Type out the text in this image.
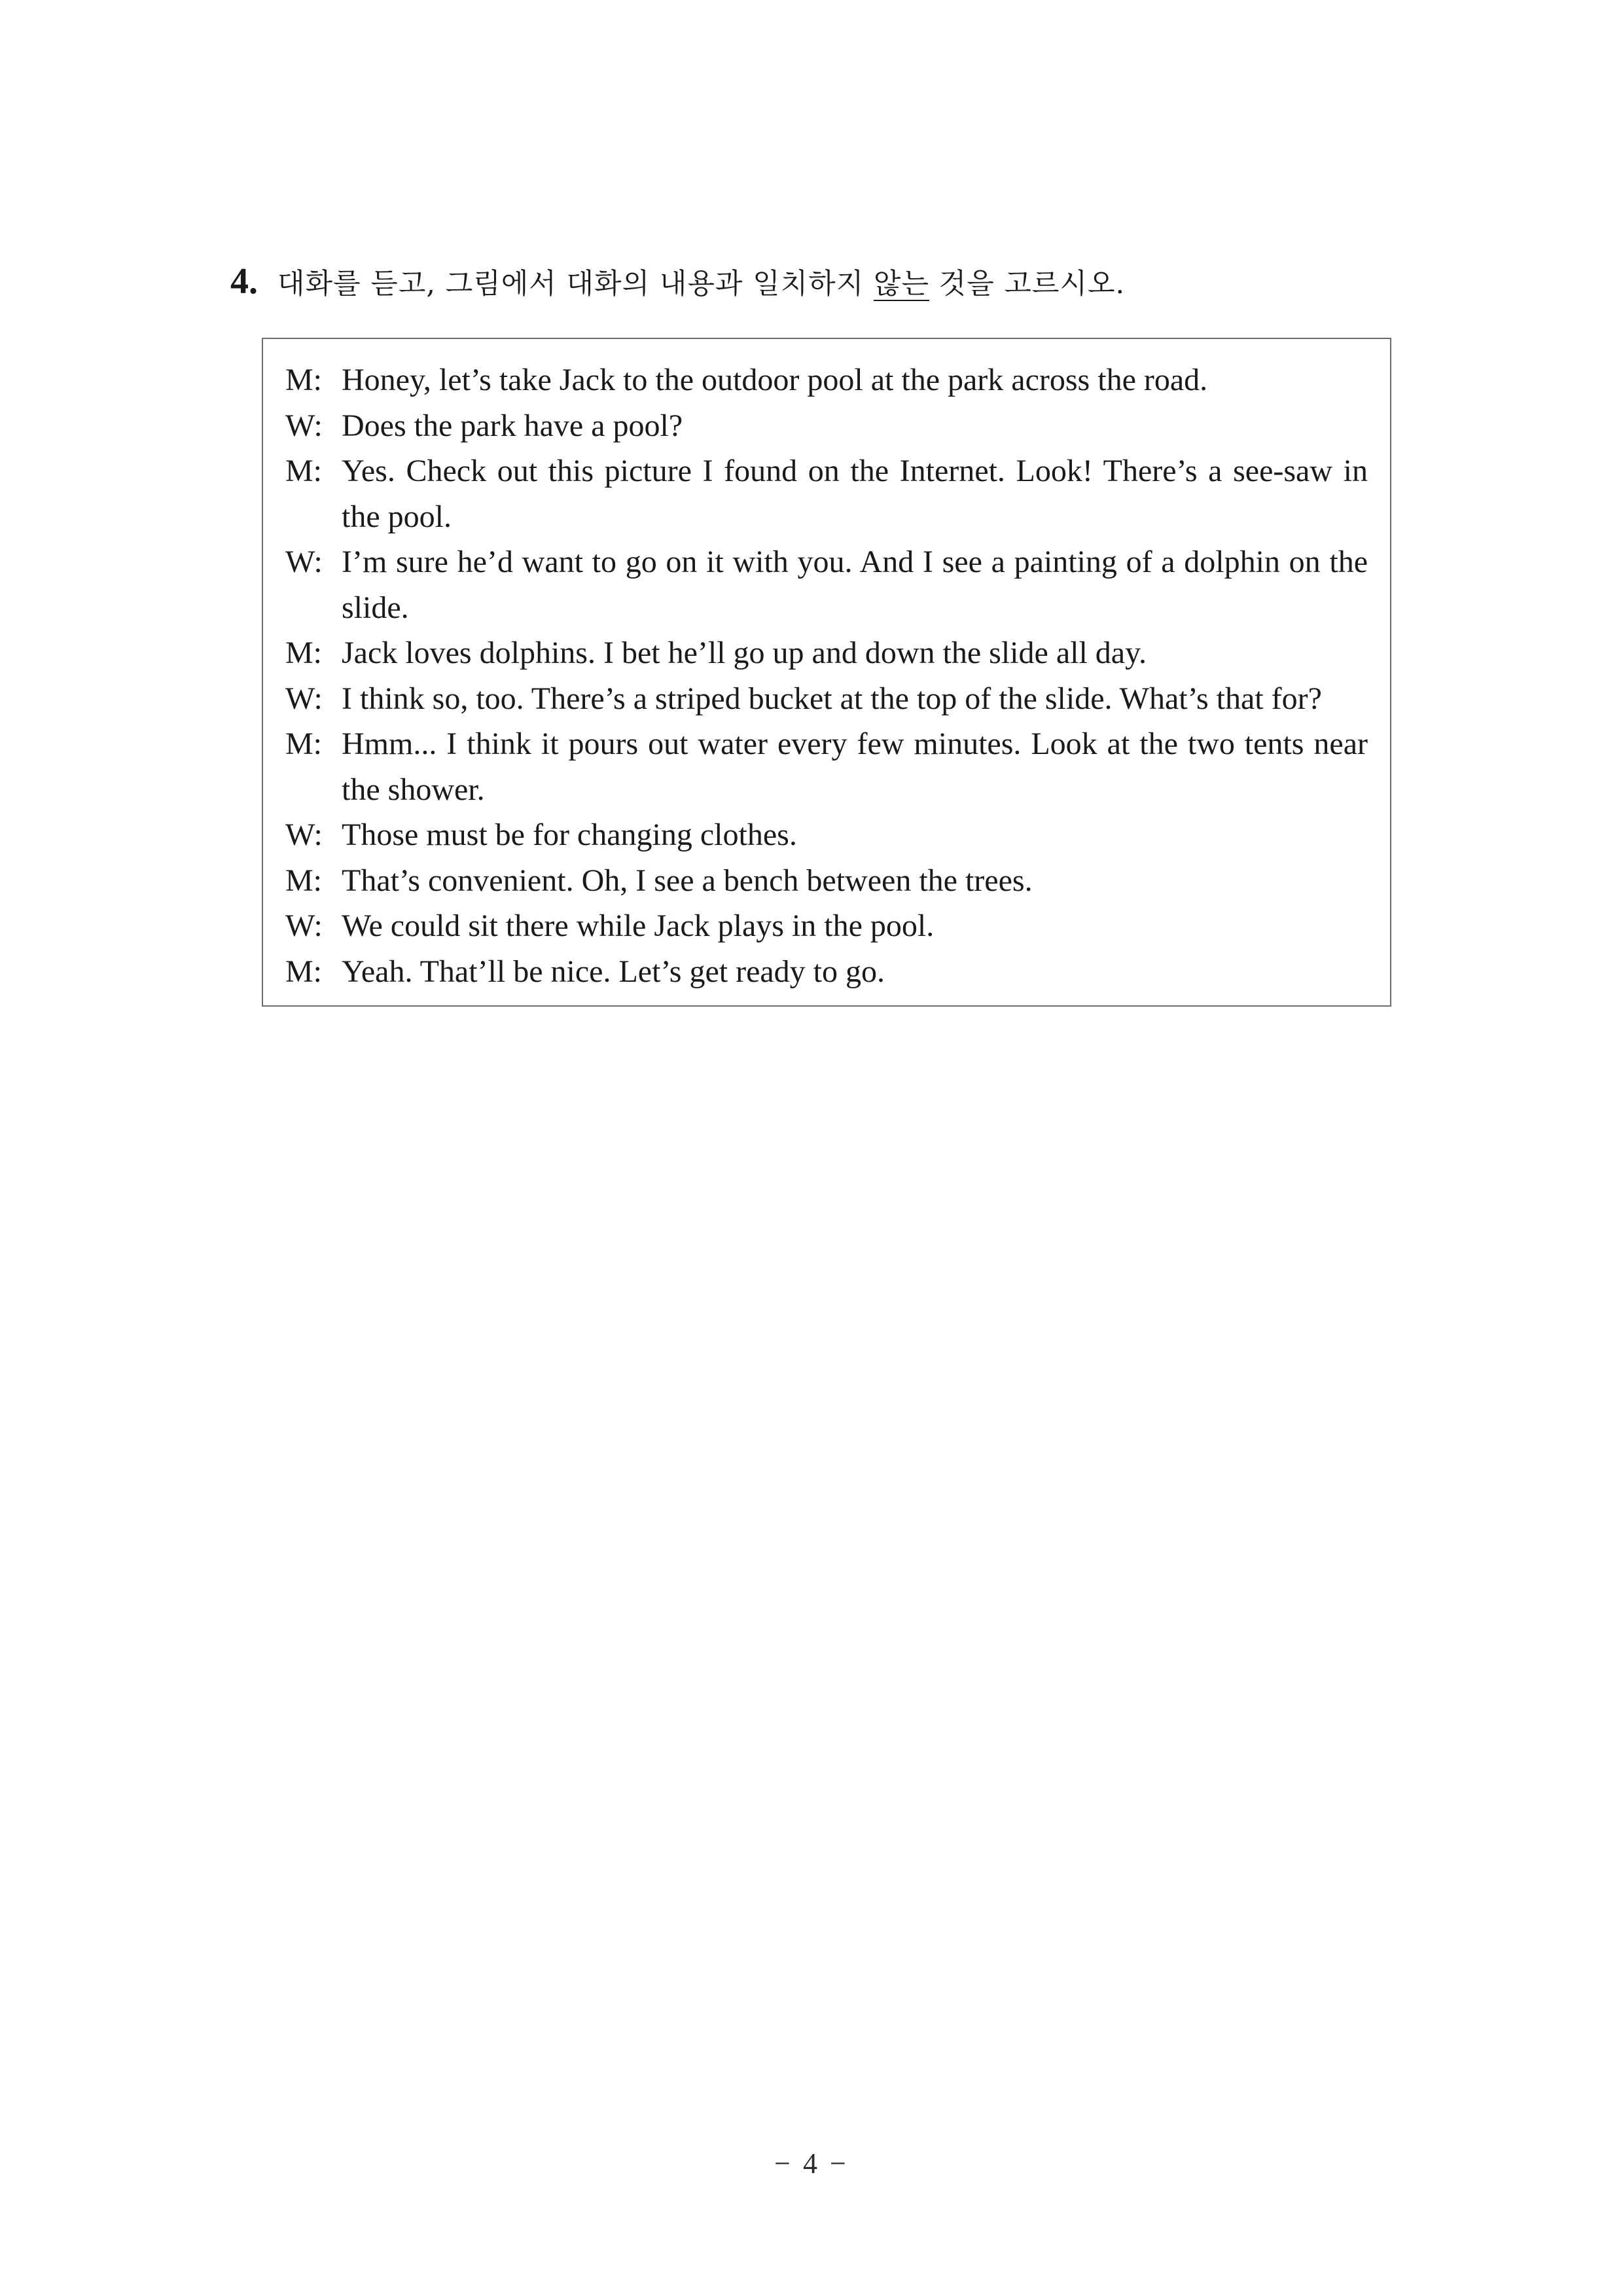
4. 대화를 듣고, 그림에서 대화의 내용과 일치하지 않는 것을 고르시오.
M: Honey, let’s take Jack to the outdoor pool at the park across the road.
W: Does the park have a pool?
M: Yes. Check out this picture I found on the Internet. Look! There’s a see-saw in the pool.
W: I’m sure he’d want to go on it with you. And I see a painting of a dolphin on the slide.
M: Jack loves dolphins. I bet he’ll go up and down the slide all day.
W: I think so, too. There’s a striped bucket at the top of the slide. What’s that for?
M: Hmm... I think it pours out water every few minutes. Look at the two tents near the shower.
W: Those must be for changing clothes.
M: That’s convenient. Oh, I see a bench between the trees.
W: We could sit there while Jack plays in the pool.
M: Yeah. That’ll be nice. Let’s get ready to go.
− 4 −
